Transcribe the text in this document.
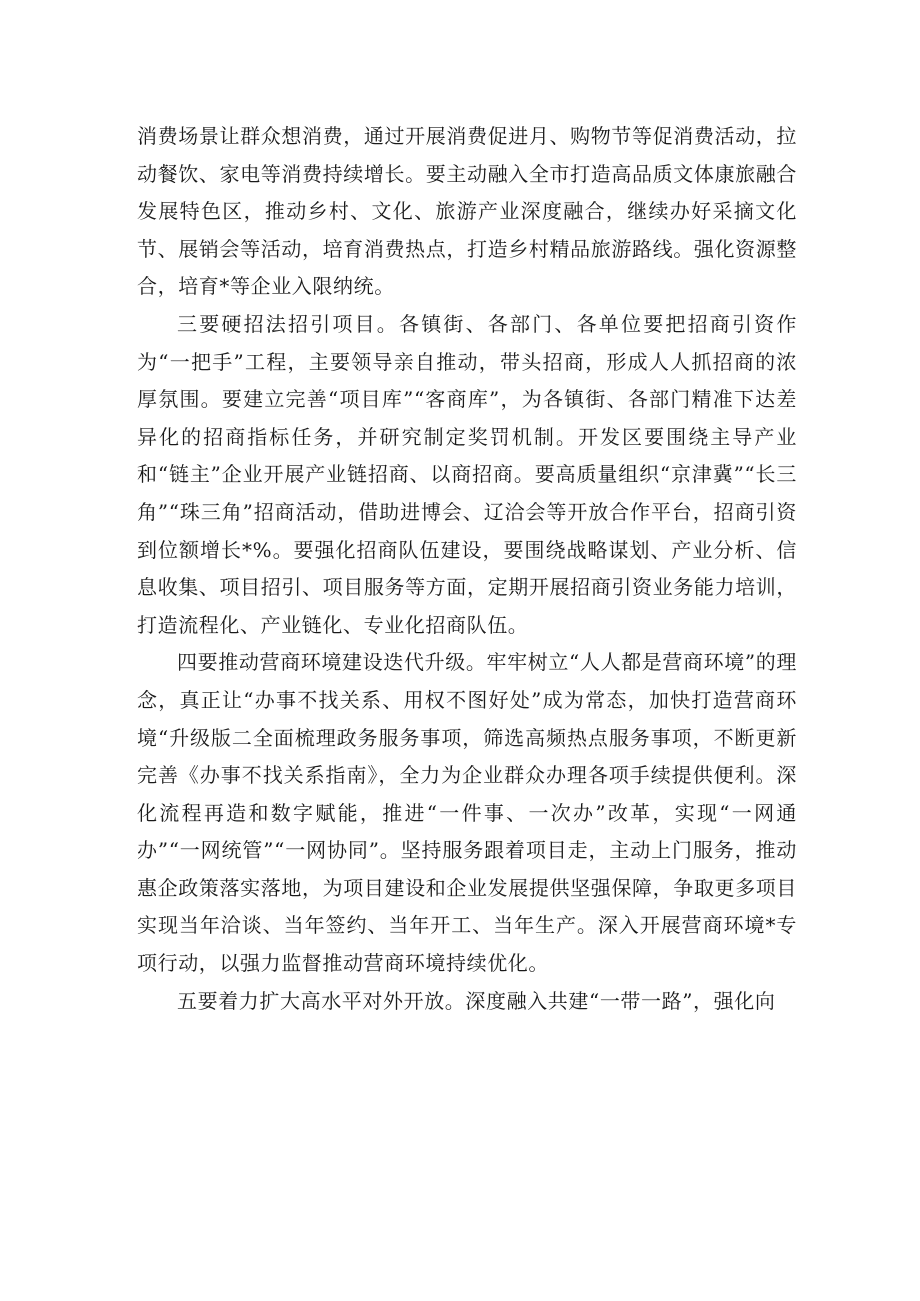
消费场景让群众想消费，通过开展消费促进月、购物节等促消费活动，拉动餐饮、家电等消费持续增长。要主动融入全市打造高品质文体康旅融合发展特色区，推动乡村、文化、旅游产业深度融合，继续办好采摘文化节、展销会等活动，培育消费热点，打造乡村精品旅游路线。强化资源整合，培育*等企业入限纳统。

三要硬招法招引项目。各镇街、各部门、各单位要把招商引资作为“一把手”工程，主要领导亲自推动，带头招商，形成人人抓招商的浓厚氛围。要建立完善“项目库”“客商库”，为各镇街、各部门精准下达差异化的招商指标任务，并研究制定奖罚机制。开发区要围绕主导产业和“链主”企业开展产业链招商、以商招商。要高质量组织“京津冀”“长三角”“珠三角”招商活动，借助进博会、辽洽会等开放合作平台，招商引资到位额增长*%。要强化招商队伍建设，要围绕战略谋划、产业分析、信息收集、项目招引、项目服务等方面，定期开展招商引资业务能力培训，打造流程化、产业链化、专业化招商队伍。

四要推动营商环境建设迭代升级。牢牢树立“人人都是营商环境”的理念，真正让“办事不找关系、用权不图好处”成为常态，加快打造营商环境“升级版二全面梳理政务服务事项，筛选高频热点服务事项，不断更新完善《办事不找关系指南》，全力为企业群众办理各项手续提供便利。深化流程再造和数字赋能，推进“一件事、一次办”改革，实现“一网通办”“一网统管”“一网协同”。坚持服务跟着项目走，主动上门服务，推动惠企政策落实落地，为项目建设和企业发展提供坚强保障，争取更多项目实现当年洽谈、当年签约、当年开工、当年生产。深入开展营商环境*专项行动，以强力监督推动营商环境持续优化。

五要着力扩大高水平对外开放。深度融入共建“一带一路”，强化向
